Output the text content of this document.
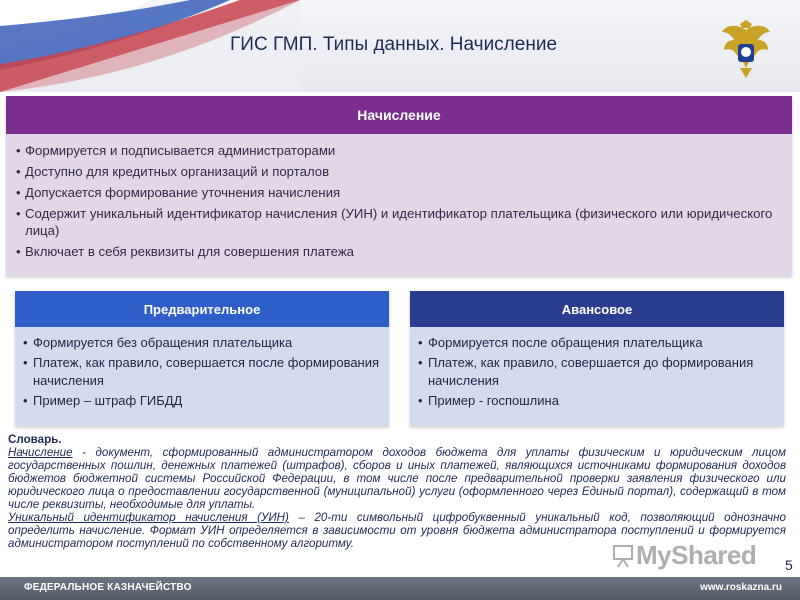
ГИС ГМП. Типы данных. Начисление
Начисление
• Формируется и подписывается администраторами
• Доступно для кредитных организаций и порталов
• Допускается формирование уточнения начисления
• Содержит уникальный идентификатор начисления (УИН) и идентификатор плательщика (физического или юридического лица)
• Включает в себя реквизиты для совершения платежа
Предварительное
• Формируется без обращения плательщика
• Платеж, как правило, совершается после формирования начисления
• Пример – штраф ГИБДД
Авансовое
• Формируется после обращения плательщика
• Платеж, как правило, совершается до формирования начисления
• Пример - госпошлина

Словарь.

Начисление - документ, сформированный администратором доходов бюджета для уплаты физическим и юридическим лицом государственных пошлин, денежных платежей (штрафов), сборов и иных платежей, являющихся источниками формирования доходов бюджетов бюджетной системы Российской Федерации, в том числе после предварительной проверки заявления физического или юридического лица о предоставлении государственной (муниципальной) услуги (оформленного через Единый портал), содержащий в том числе реквизиты, необходимые для уплаты.

Уникальный идентификатор начисления (УИН) – 20-ти символьный цифробуквенный уникальный код, позволяющий однозначно определить начисление. Формат УИН определяется в зависимости от уровня бюджета администратора поступлений и формируется администратором поступлений по собственному алгоритму.	MyShared 5
ФЕДЕРАЛЬНОЕ КАЗНАЧЕЙСТВО	www.roskazna.ru
